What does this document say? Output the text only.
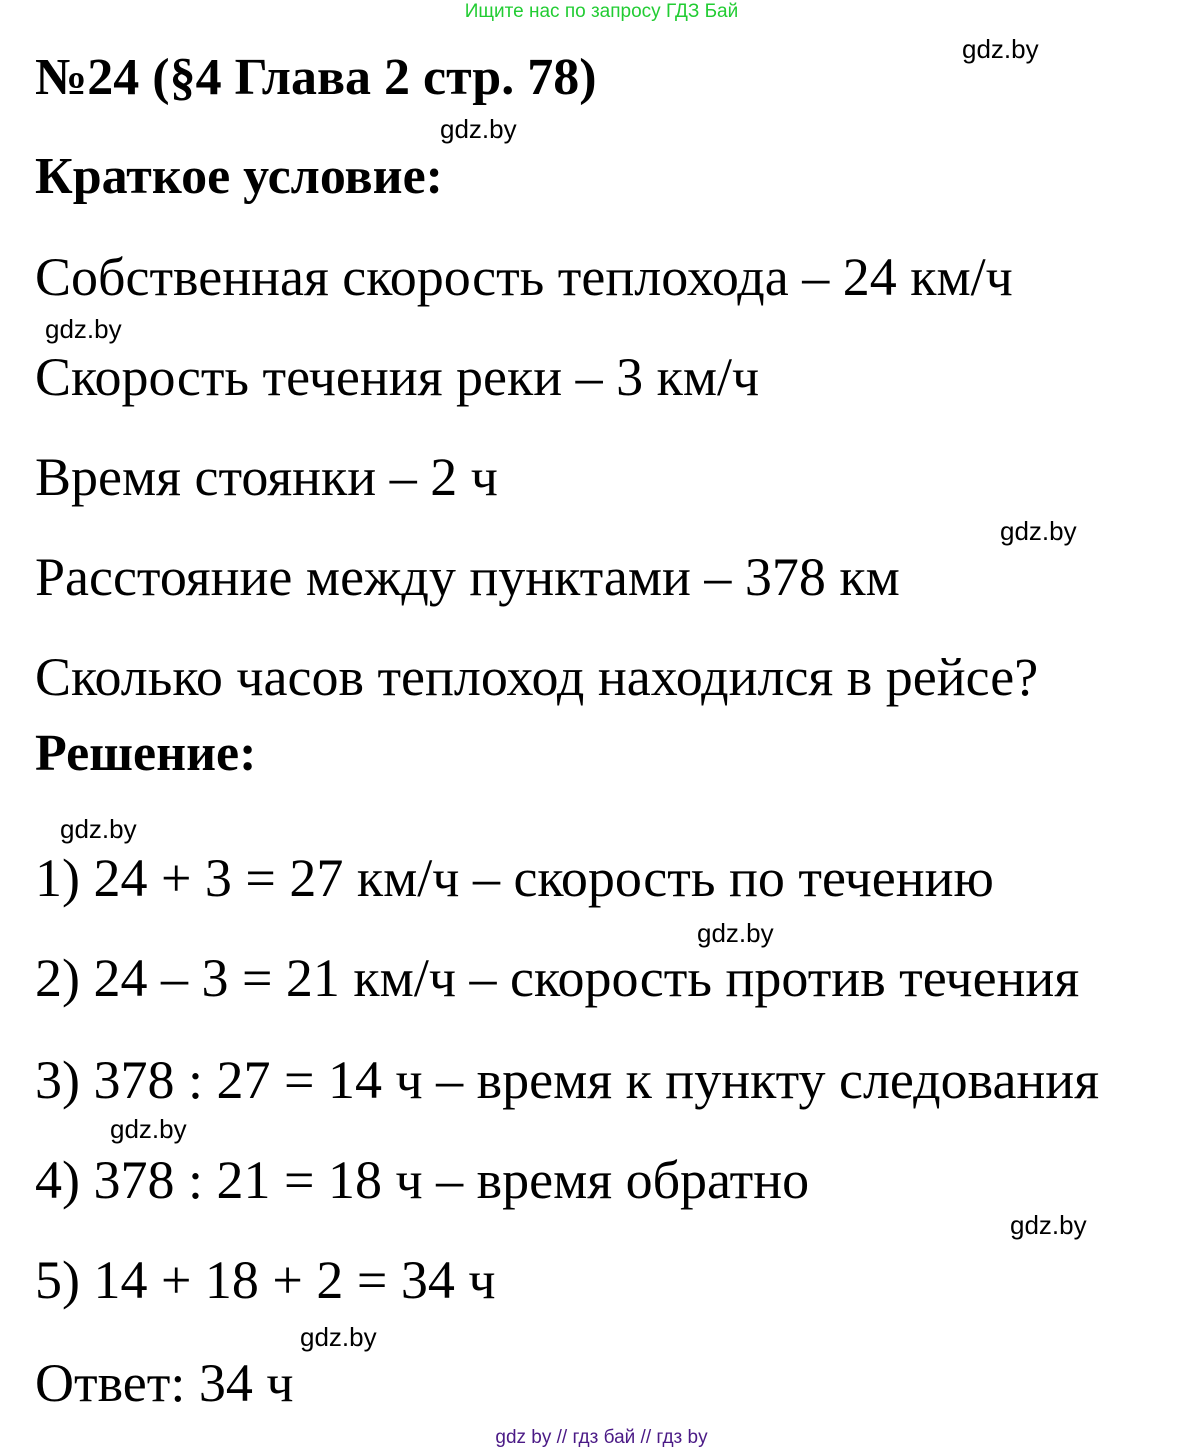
Ищите нас по запросу ГДЗ Бай
№24 (§4 Глава 2 стр. 78)
Краткое условие:
Собственная скорость теплохода – 24 км/ч
Скорость течения реки – 3 км/ч
Время стоянки – 2 ч
Расстояние между пунктами – 378 км
Сколько часов теплоход находился в рейсе?
Решение:
1) 24 + 3 = 27 км/ч – скорость по течению
2) 24 – 3 = 21 км/ч – скорость против течения
3) 378 : 27 = 14 ч – время к пункту следования
4) 378 : 21 = 18 ч – время обратно
5) 14 + 18 + 2 = 34 ч
Ответ: 34 ч
gdz.by
gdz.by
gdz.by
gdz.by
gdz.by
gdz.by
gdz.by
gdz.by
gdz.by
gdz by // гдз бай // гдз by
